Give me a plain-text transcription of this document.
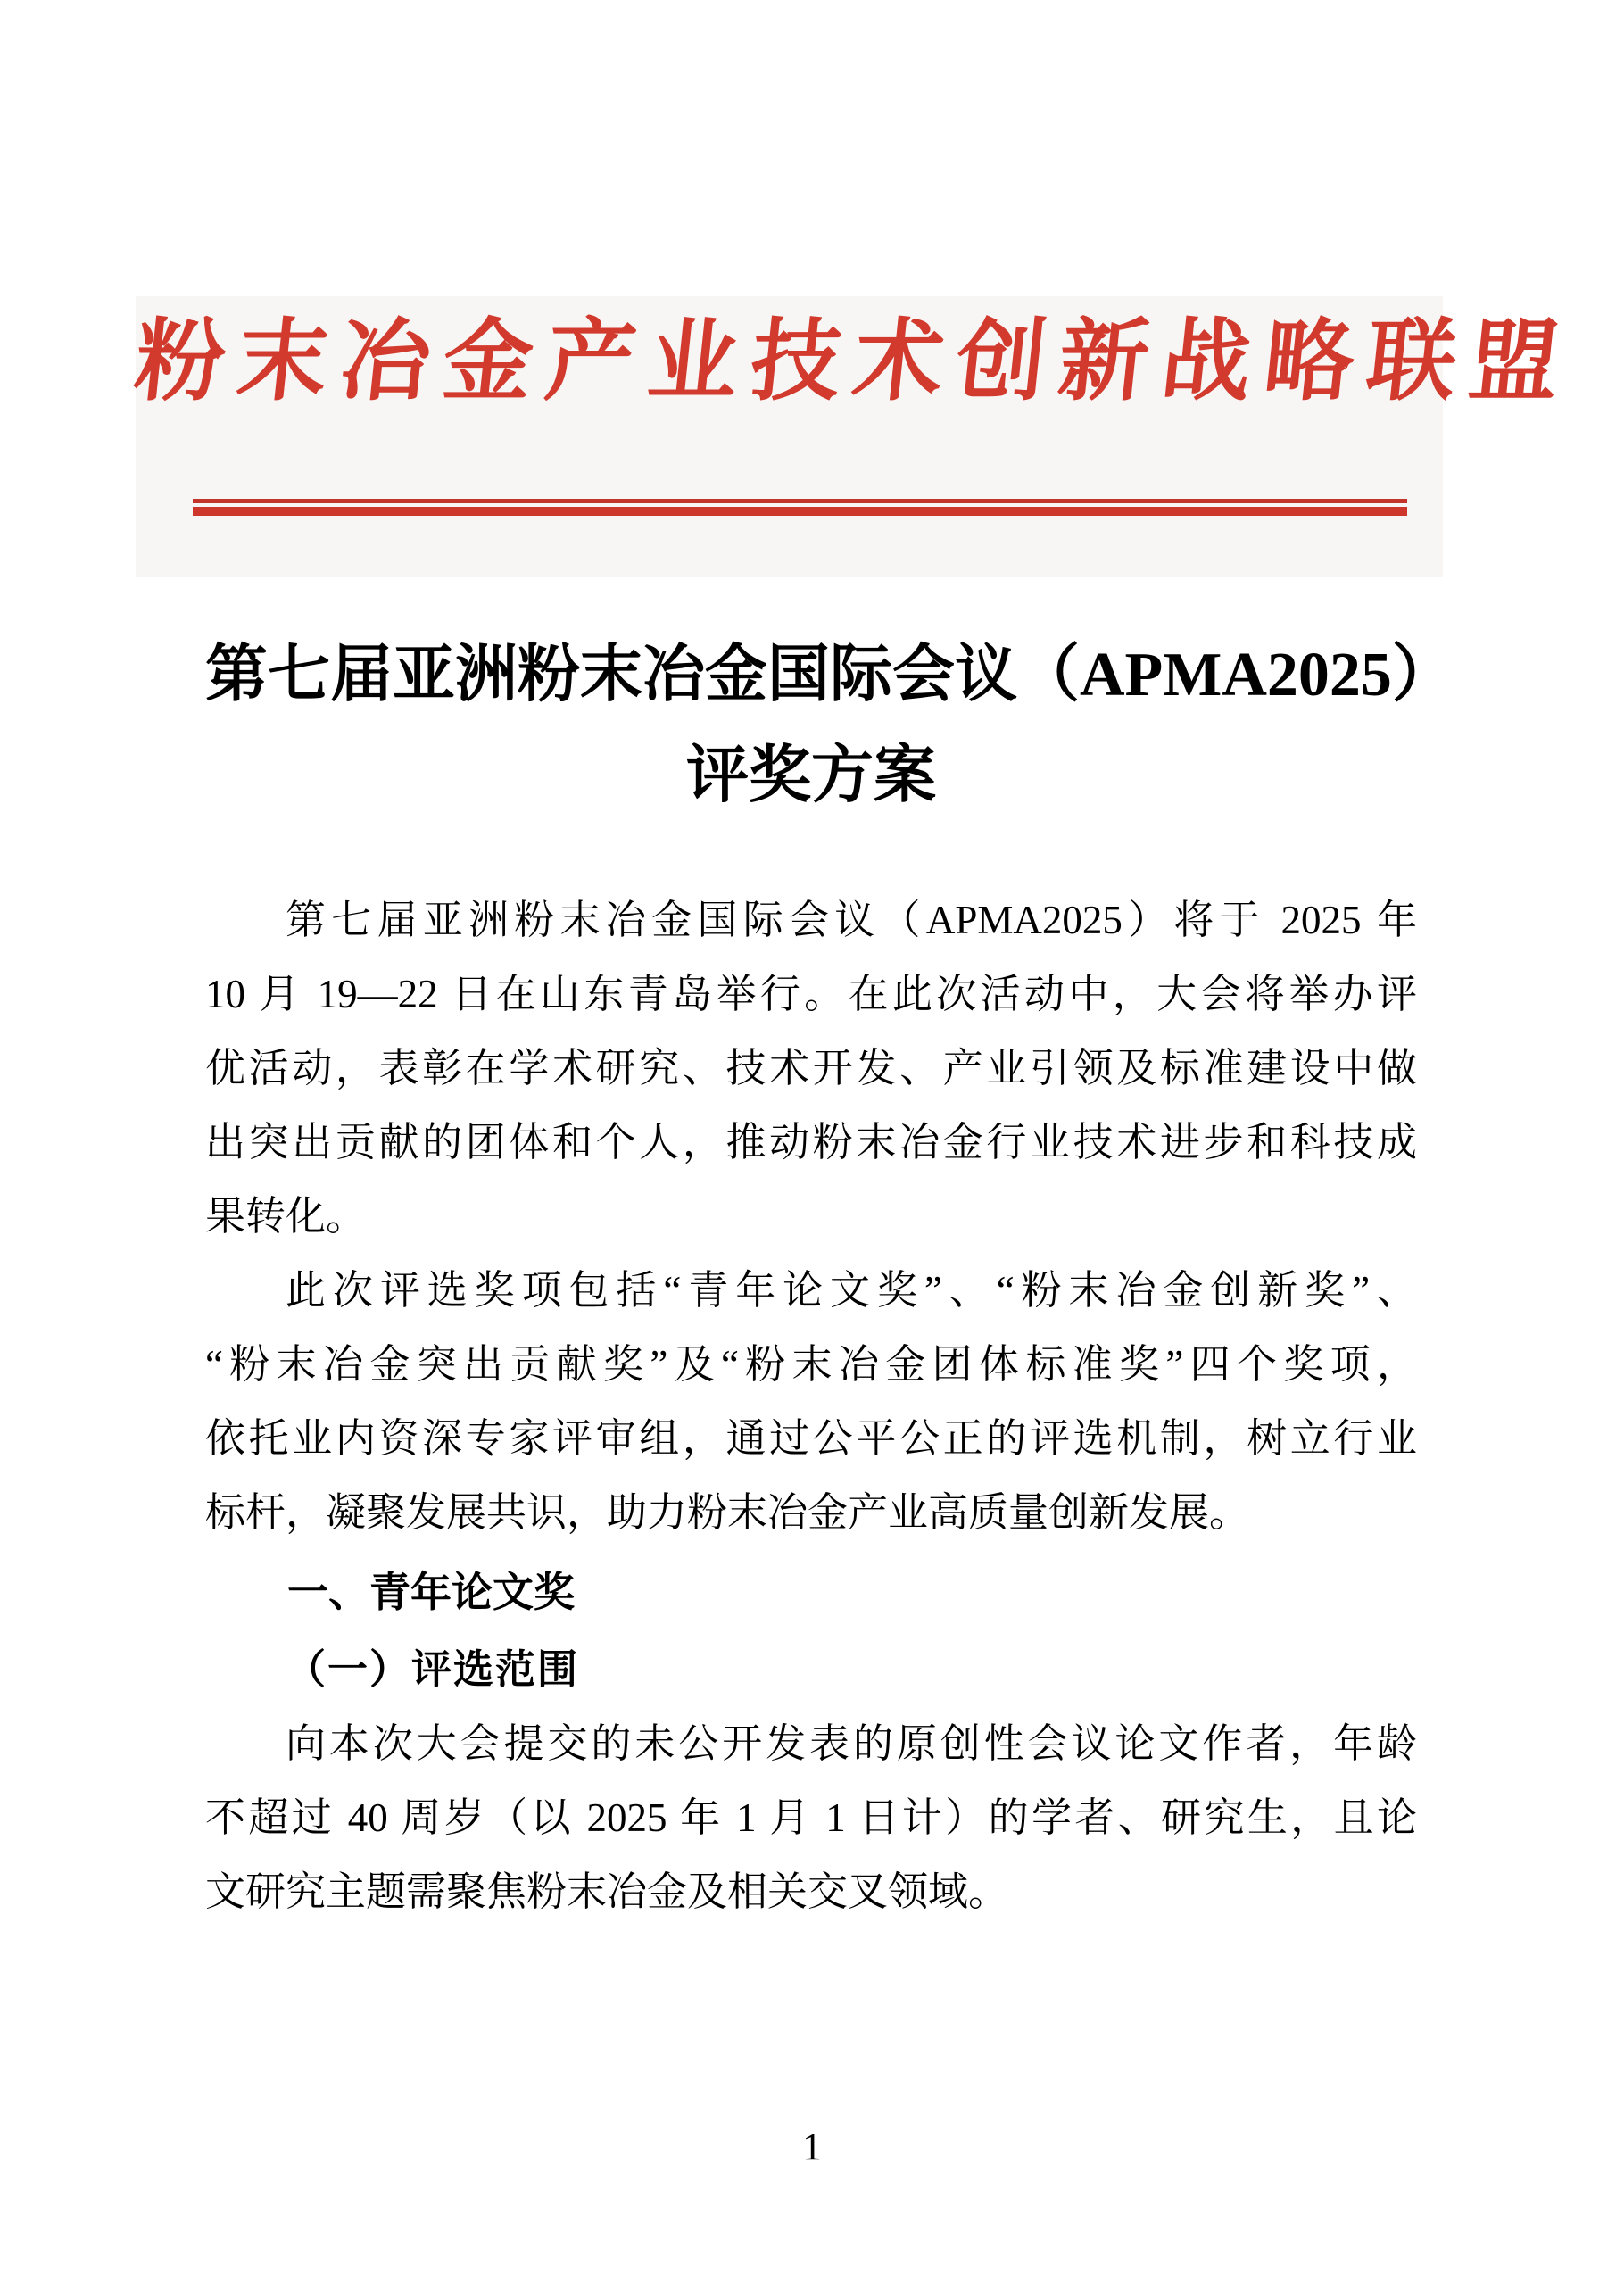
粉末冶金产业技术创新战略联盟
第七届亚洲粉末冶金国际会议（APMA2025）
评奖方案
第七届亚洲粉末冶金国际会议（APMA2025）将于 2025 年
10 月 19—22 日在山东青岛举行。在此次活动中，大会将举办评
优活动，表彰在学术研究、技术开发、产业引领及标准建设中做
出突出贡献的团体和个人，推动粉末冶金行业技术进步和科技成
果转化。
此次评选奖项包括“青年论文奖”、“粉末冶金创新奖”、
“粉末冶金突出贡献奖”及“粉末冶金团体标准奖”四个奖项，
依托业内资深专家评审组，通过公平公正的评选机制，树立行业
标杆，凝聚发展共识，助力粉末冶金产业高质量创新发展。
一、青年论文奖
（一）评选范围
向本次大会提交的未公开发表的原创性会议论文作者，年龄
不超过 40 周岁（以 2025 年 1 月 1 日计）的学者、研究生，且论
文研究主题需聚焦粉末冶金及相关交叉领域。
1
